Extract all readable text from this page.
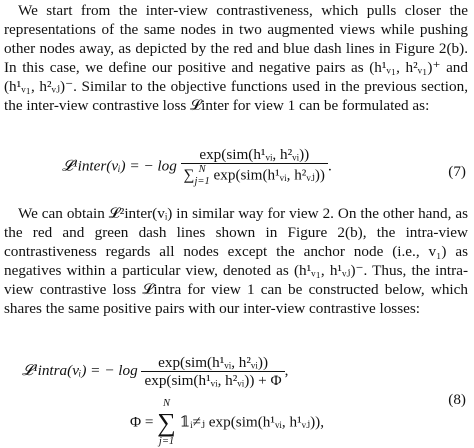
We start from the inter-view contrastiveness, which pulls closer the representations of the same nodes in two augmented views while pushing other nodes away, as depicted by the red and blue dash lines in Figure 2(b). In this case, we define our positive and negative pairs as (h¹ᵥ₁, h²ᵥ₁)⁺ and (h¹ᵥ₁, h²ᵥⱼ)⁻. Similar to the objective functions used in the previous section, the inter-view contrastive loss 𝓛inter for view 1 can be formulated as:

𝓛¹inter(vᵢ) = − log exp(sim(h¹ᵥᵢ, h²ᵥᵢ))
∑ N
j=1 exp(sim(h¹ᵥᵢ, h²ᵥⱼ)) .	(7)

We can obtain 𝓛²inter(vᵢ) in similar way for view 2. On the other hand, as the red and green dash lines shown in Figure 2(b), the intra-view contrastiveness regards all nodes except the anchor node (i.e., v₁) as negatives within a particular view, denoted as (h¹ᵥ₁, h¹ᵥⱼ)⁻. Thus, the intra-view contrastive loss 𝓛intra for view 1 can be constructed below, which shares the same positive pairs with our inter-view contrastive losses:

𝓛¹intra(vᵢ) = − $\log \frac{\text{exp(sim(h¹ᵥᵢ, h²ᵥᵢ))}}{\text{exp(sim(h¹ᵥᵢ, h²ᵥᵢ)) + Φ}}$ ,
(8)
Φ =
N
∑
j=1
𝟙ᵢ≠ⱼ exp(sim(h¹ᵥᵢ, h¹ᵥⱼ)),
